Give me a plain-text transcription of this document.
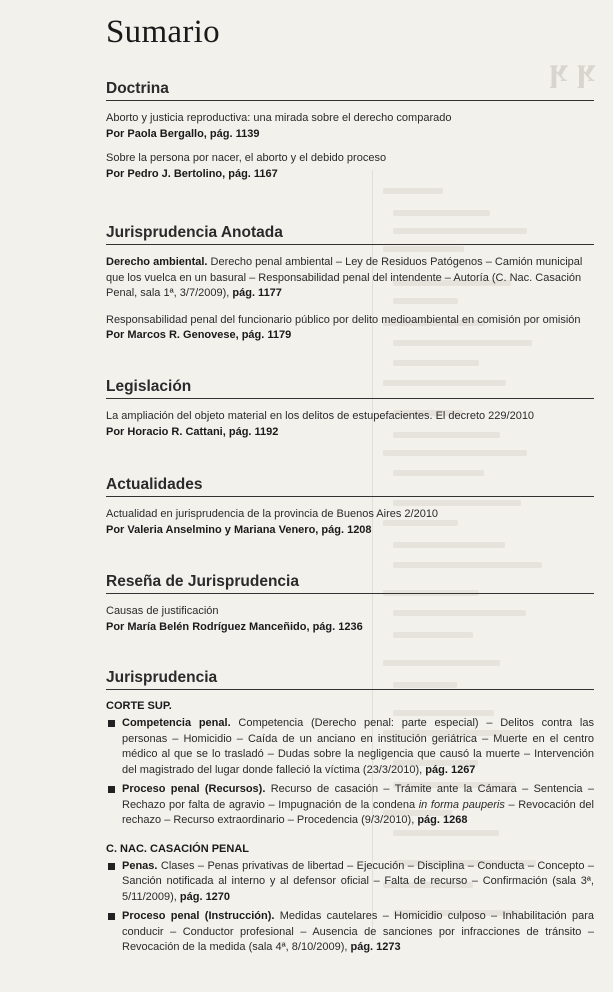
ʞ ʞ
Sumario
Doctrina
Aborto y justicia reproductiva: una mirada sobre el derecho comparado
Por Paola Bergallo, pág. 1139
Sobre la persona por nacer, el aborto y el debido proceso
Por Pedro J. Bertolino, pág. 1167
Jurisprudencia Anotada
Derecho ambiental. Derecho penal ambiental – Ley de Residuos Patógenos – Camión municipal que los vuelca en un basural – Responsabilidad penal del intendente – Autoría (C. Nac. Casación Penal, sala 1ª, 3/7/2009), pág. 1177
Responsabilidad penal del funcionario público por delito medioambiental en comisión por omisión
Por Marcos R. Genovese, pág. 1179
Legislación
La ampliación del objeto material en los delitos de estupefacientes. El decreto 229/2010
Por Horacio R. Cattani, pág. 1192
Actualidades
Actualidad en jurisprudencia de la provincia de Buenos Aires 2/2010
Por Valeria Anselmino y Mariana Venero, pág. 1208
Reseña de Jurisprudencia
Causas de justificación
Por María Belén Rodríguez Manceñido, pág. 1236
Jurisprudencia
CORTE SUP.
Competencia penal. Competencia (Derecho penal: parte especial) – Delitos contra las personas – Homicidio – Caída de un anciano en institución geriátrica – Muerte en el centro médico al que se lo trasladó – Dudas sobre la negligencia que causó la muerte – Intervención del magistrado del lugar donde falleció la víctima (23/3/2010), pág. 1267
Proceso penal (Recursos). Recurso de casación – Trámite ante la Cámara – Sentencia – Rechazo por falta de agravio – Impugnación de la condena in forma pauperis – Revocación del rechazo – Recurso extraordinario – Procedencia (9/3/2010), pág. 1268
C. NAC. CASACIÓN PENAL
Penas. Clases – Penas privativas de libertad – Ejecución – Disciplina – Conducta – Concepto – Sanción notificada al interno y al defensor oficial – Falta de recurso – Confirmación (sala 3ª, 5/11/2009), pág. 1270
Proceso penal (Instrucción). Medidas cautelares – Homicidio culposo – Inhabilitación para conducir – Conductor profesional – Ausencia de sanciones por infracciones de tránsito – Revocación de la medida (sala 4ª, 8/10/2009), pág. 1273
